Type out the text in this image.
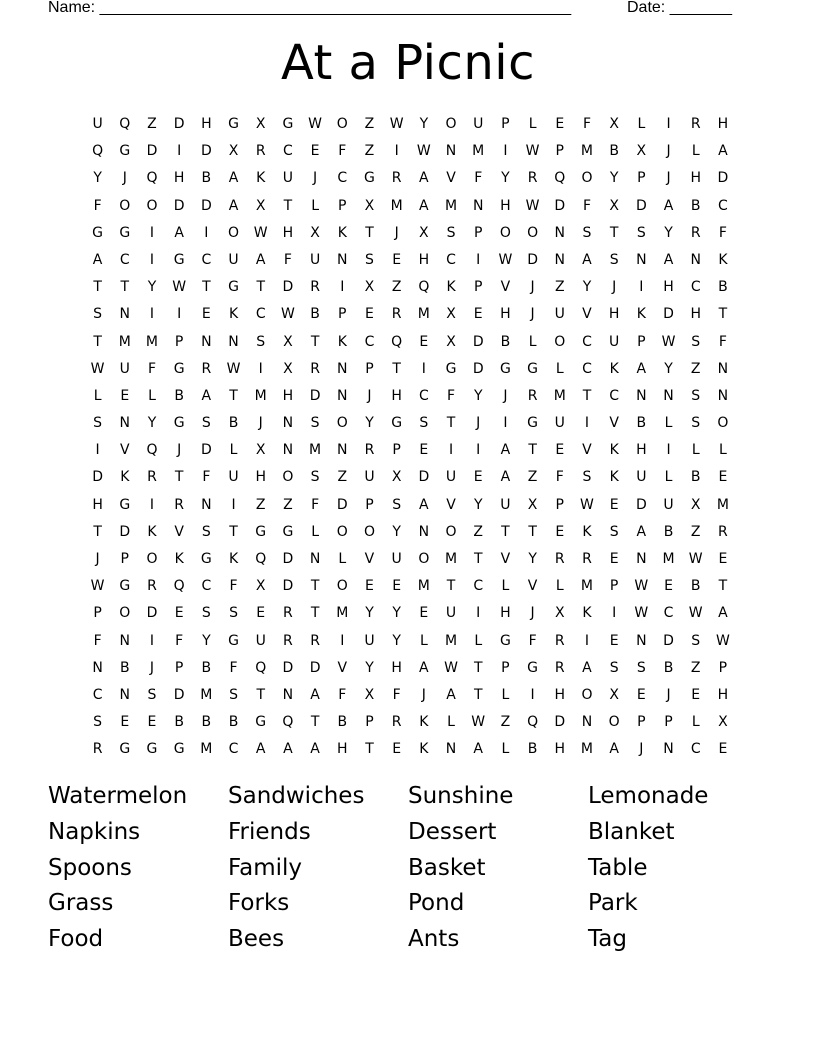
Name: _____________________________________________________	Date: _______
At a Picnic
U	Q	Z	D	H	G	X	G	W	O	Z	W	Y	O	U	P	L	E	F	X	L	I	R	H
Q	G	D	I	D	X	R	C	E	F	Z	I	W	N	M	I	W	P	M	B	X	J	L	A
Y	J	Q	H	B	A	K	U	J	C	G	R	A	V	F	Y	R	Q	O	Y	P	J	H	D
F	O	O	D	D	A	X	T	L	P	X	M	A	M	N	H	W	D	F	X	D	A	B	C
G	G	I	A	I	O	W	H	X	K	T	J	X	S	P	O	O	N	S	T	S	Y	R	F
A	C	I	G	C	U	A	F	U	N	S	E	H	C	I	W	D	N	A	S	N	A	N	K
T	T	Y	W	T	G	T	D	R	I	X	Z	Q	K	P	V	J	Z	Y	J	I	H	C	B
S	N	I	I	E	K	C	W	B	P	E	R	M	X	E	H	J	U	V	H	K	D	H	T
T	M	M	P	N	N	S	X	T	K	C	Q	E	X	D	B	L	O	C	U	P	W	S	F
W	U	F	G	R	W	I	X	R	N	P	T	I	G	D	G	G	L	C	K	A	Y	Z	N
L	E	L	B	A	T	M	H	D	N	J	H	C	F	Y	J	R	M	T	C	N	N	S	N
S	N	Y	G	S	B	J	N	S	O	Y	G	S	T	J	I	G	U	I	V	B	L	S	O
I	V	Q	J	D	L	X	N	M	N	R	P	E	I	I	A	T	E	V	K	H	I	L	L
D	K	R	T	F	U	H	O	S	Z	U	X	D	U	E	A	Z	F	S	K	U	L	B	E
H	G	I	R	N	I	Z	Z	F	D	P	S	A	V	Y	U	X	P	W	E	D	U	X	M
T	D	K	V	S	T	G	G	L	O	O	Y	N	O	Z	T	T	E	K	S	A	B	Z	R
J	P	O	K	G	K	Q	D	N	L	V	U	O	M	T	V	Y	R	R	E	N	M	W	E
W	G	R	Q	C	F	X	D	T	O	E	E	M	T	C	L	V	L	M	P	W	E	B	T
P	O	D	E	S	S	E	R	T	M	Y	Y	E	U	I	H	J	X	K	I	W	C	W	A
F	N	I	F	Y	G	U	R	R	I	U	Y	L	M	L	G	F	R	I	E	N	D	S	W
N	B	J	P	B	F	Q	D	D	V	Y	H	A	W	T	P	G	R	A	S	S	B	Z	P
C	N	S	D	M	S	T	N	A	F	X	F	J	A	T	L	I	H	O	X	E	J	E	H
S	E	E	B	B	B	G	Q	T	B	P	R	K	L	W	Z	Q	D	N	O	P	P	L	X
R	G	G	G	M	C	A	A	A	H	T	E	K	N	A	L	B	H	M	A	J	N	C	E
Watermelon	Sandwiches	Sunshine	Lemonade
Napkins	Friends	Dessert	Blanket
Spoons	Family	Basket	Table
Grass	Forks	Pond	Park
Food	Bees	Ants	Tag
